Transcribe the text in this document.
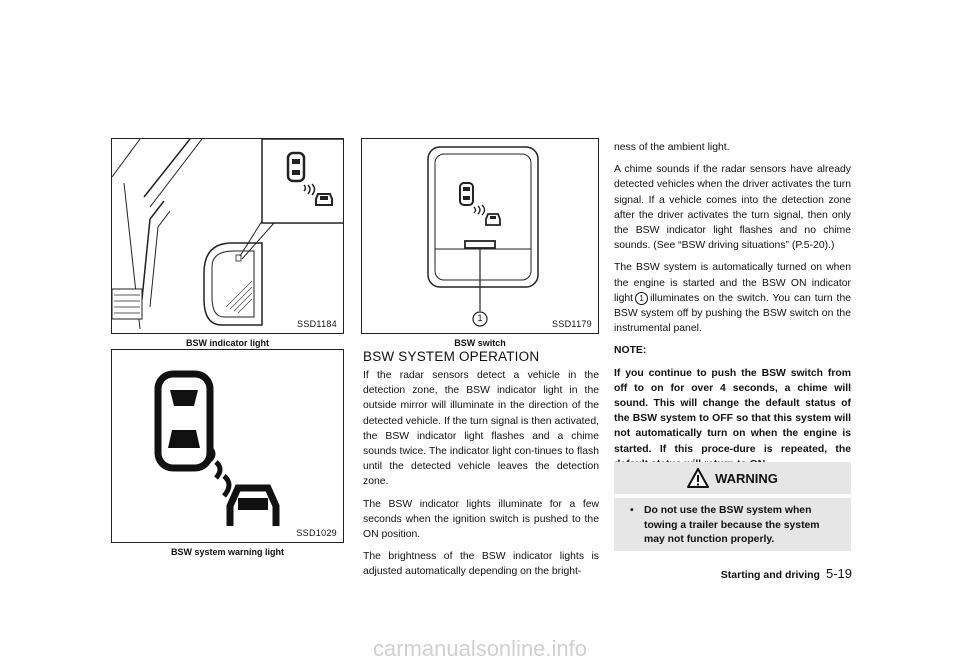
SSD1184
BSW indicator light
SSD1029
BSW system warning light
1
SSD1179
BSW switch
BSW SYSTEM OPERATION

If the radar sensors detect a vehicle in the detection zone, the BSW indicator light in the outside mirror will illuminate in the direction of the detected vehicle. If the turn signal is then activated, the BSW indicator light flashes and a chime sounds twice. The indicator light con-tinues to flash until the detected vehicle leaves the detection zone.

The BSW indicator lights illuminate for a few seconds when the ignition switch is pushed to the ON position.

The brightness of the BSW indicator lights is adjusted automatically depending on the bright-

ness of the ambient light.

A chime sounds if the radar sensors have already detected vehicles when the driver activates the turn signal. If a vehicle comes into the detection zone after the driver activates the turn signal, then only the BSW indicator light flashes and no chime sounds. (See “BSW driving situations” (P.5-20).)

The BSW system is automatically turned on when the engine is started and the BSW ON indicator light 1 illuminates on the switch. You can turn the BSW system off by pushing the BSW switch on the instrumental panel.

NOTE:

If you continue to push the BSW switch from off to on for over 4 seconds, a chime will sound. This will change the default status of the BSW system to OFF so that this system will not automatically turn on when the engine is started. If this proce-dure is repeated, the

WARNING
• Do not use the BSW system when towing a trailer because the system may not function properly.
Starting and driving 5-19
carmanualsonline.info
